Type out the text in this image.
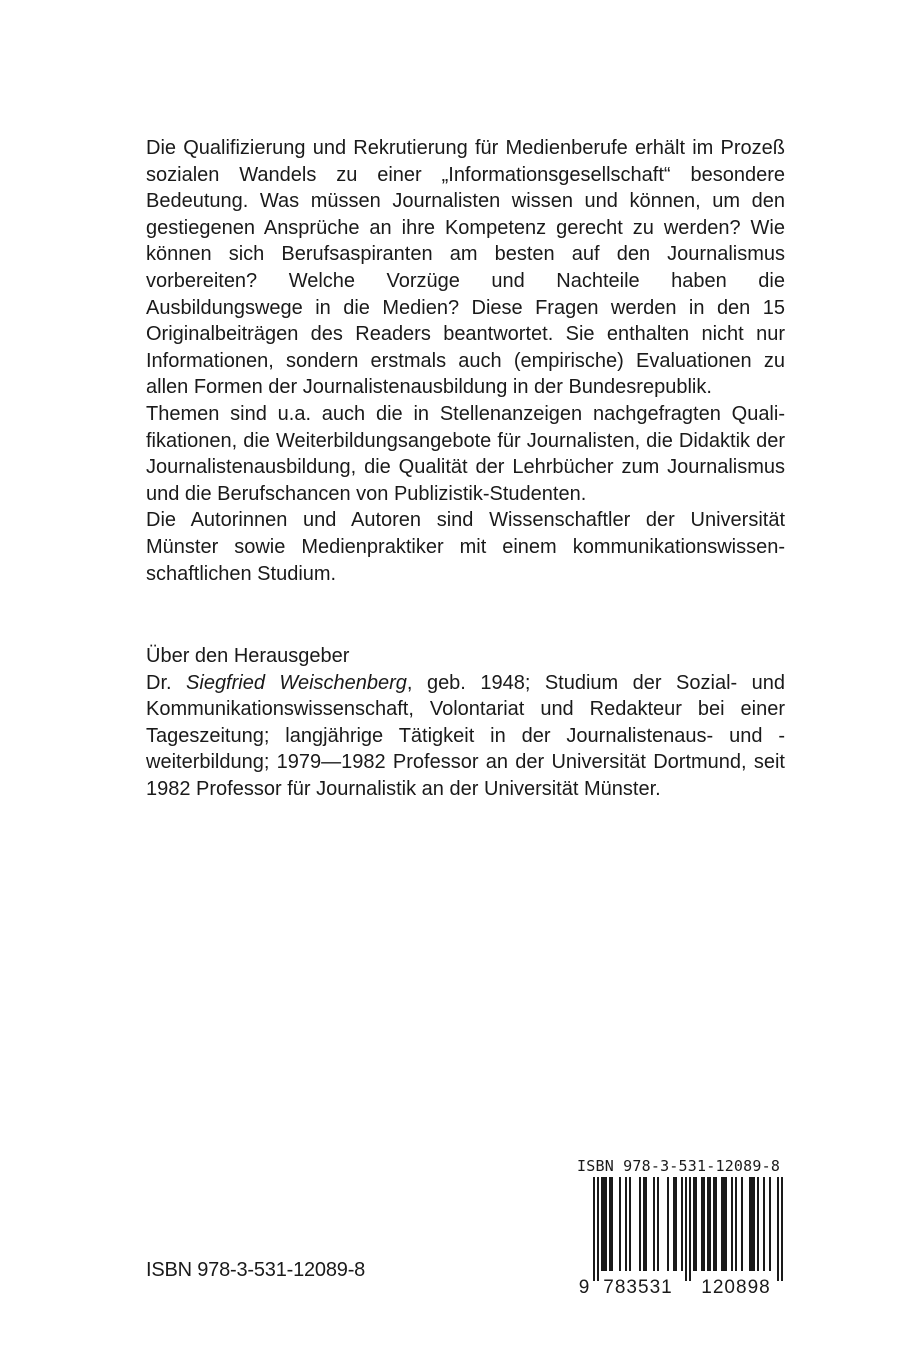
Die Qualifizierung und Rekrutierung für Medienberufe erhält im Prozeß sozialen Wandels zu einer „Informationsgesellschaft“ besondere Bedeutung. Was müssen Journalisten wissen und können, um den gestiegenen Ansprüche an ihre Kompetenz gerecht zu werden? Wie können sich Berufsaspiranten am besten auf den Journalismus vorbereiten? Welche Vorzüge und Nachteile haben die Ausbildungswege in die Medien? Diese Fragen werden in den 15 Originalbeiträgen des Readers beantwortet. Sie enthalten nicht nur Informationen, sondern erstmals auch (empirische) Evaluationen zu allen Formen der Journalistenausbildung in der Bundesrepublik.

Themen sind u.a. auch die in Stellenanzeigen nachgefragten Qualifikationen, die Weiterbildungsangebote für Journalisten, die Didaktik der Journalistenausbildung, die Qualität der Lehrbücher zum Journalismus und die Berufschancen von Publizistik-Studenten.

Die Autorinnen und Autoren sind Wissenschaftler der Universität Münster sowie Medienpraktiker mit einem kommunikationswissenschaftlichen Studium.

Über den Herausgeber

Dr. Siegfried Weischenberg, geb. 1948; Studium der Sozial- und Kommunikationswissenschaft, Volontariat und Redakteur bei einer Tageszeitung; langjährige Tätigkeit in der Journalistenaus- und -weiterbildung; 1979—1982 Professor an der Universität Dortmund, seit 1982 Professor für Journalistik an der Universität Münster.

ISBN 978-3-531-12089-8
ISBN 978-3-531-12089-8
9 783531 120898
